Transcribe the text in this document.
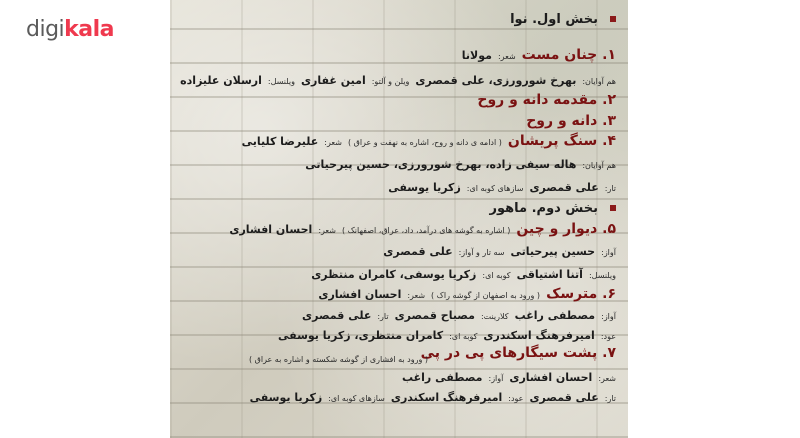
digikala	بخش اول. نوا
۱. چنان مستشعر:مولانا
هم آوایان:بهرخ شورورزی، علی قمصریویلن و آلتو:امین غفاریویلنسل:ارسلان علیزاده
۲. مقدمه دانه و روح
۳. دانه و روح
۴. سنگ پریشان( ادامه ی دانه و روح، اشاره به نهفت و عراق )شعر:علیرضا کلیایی
هم آوایان:هاله سیفی زاده، بهرخ شورورزی، حسین پیرحیاتی
تار:علی قمصریسازهای کوبه ای:زکریا یوسفی
بخش دوم. ماهور
۵. دیوار و چین( اشاره به گوشه های درآمد، داد، عراق، اصفهانک )شعر:احسان افشاری
آواز:حسین پیرحیاتیسه تار و آواز:علی قمصری
ویلنسل:آتنا اشتیاقیکوبه ای:زکریا یوسفی، کامران منتظری
۶. مترسک( ورود به اصفهان از گوشه راک )شعر:احسان افشاری
آواز:مصطفی راغبکلارینت:مصباح قمصریتار:علی قمصری
عود:امیرفرهنگ اسکندریکوبه ای:کامران منتظری، زکریا یوسفی
۷. پشت سیگارهای پی در پی
( ورود به افشاری از گوشه شکسته و اشاره به عراق )
شعر:احسان افشاریآواز:مصطفی راغب
تار:علی قمصریعود:امیرفرهنگ اسکندریسازهای کوبه ای:زکریا یوسفی
